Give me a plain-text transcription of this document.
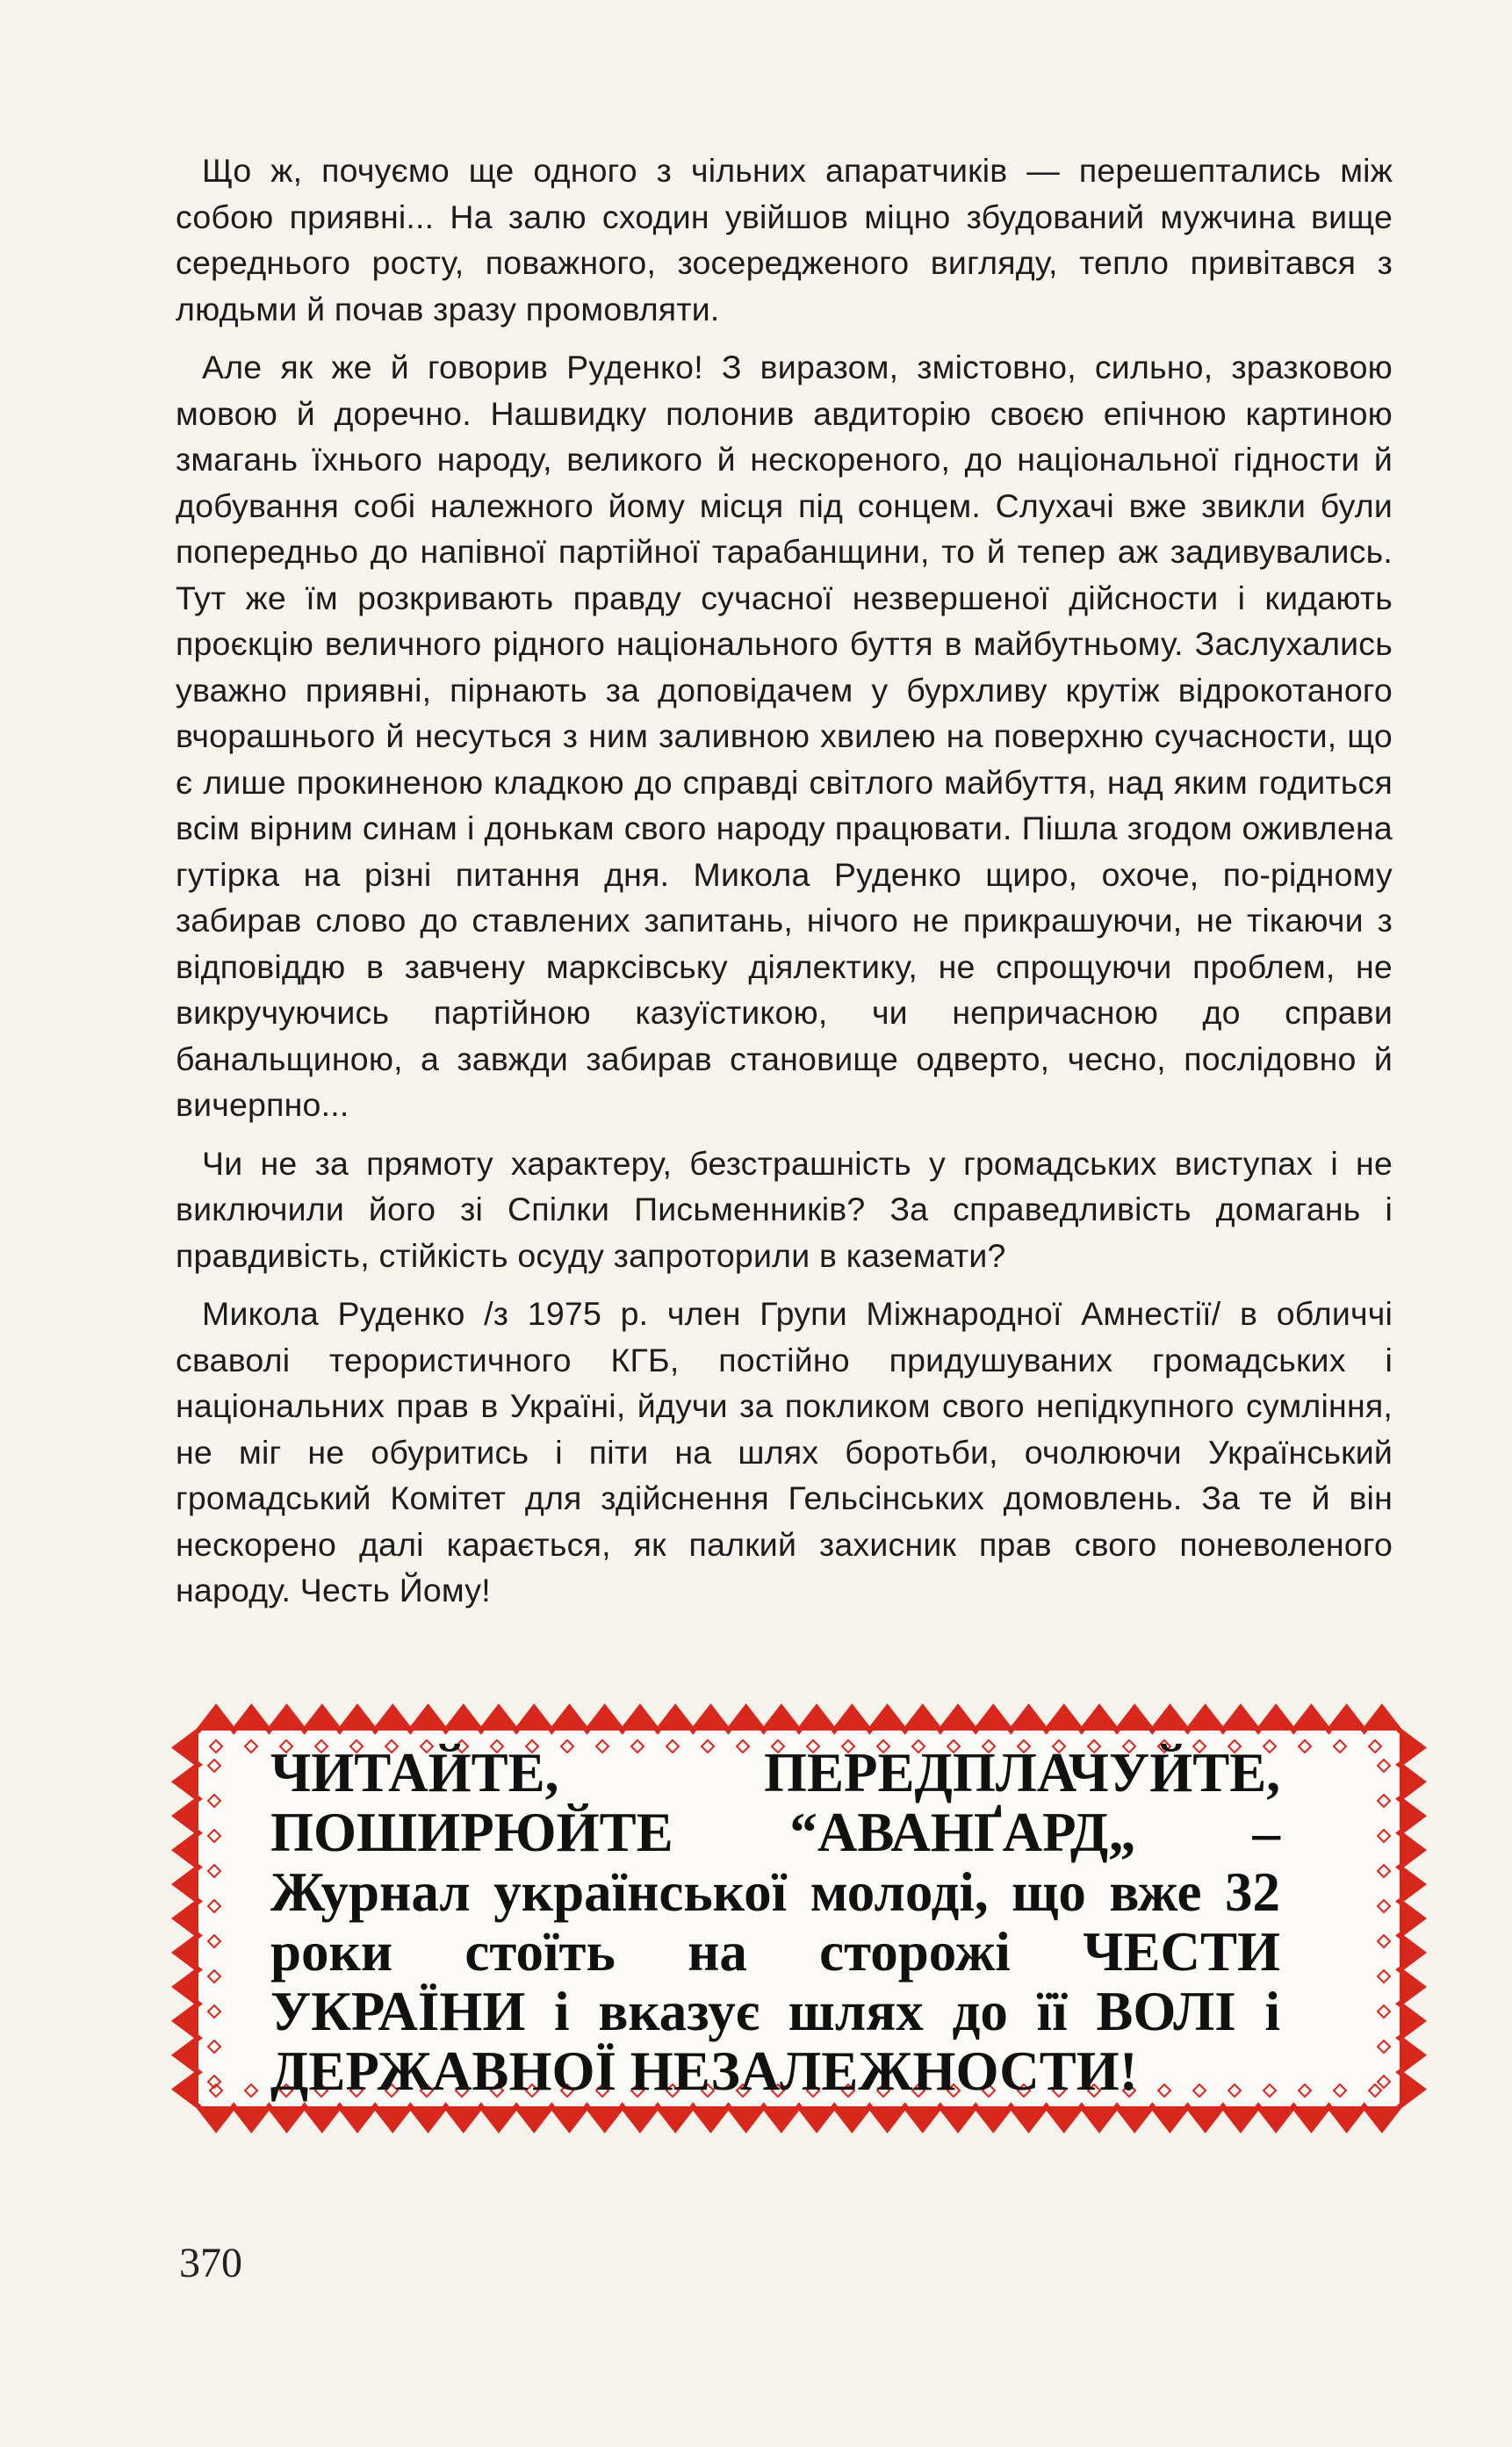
Що ж, почуємо ще одного з чільних апаратчиків — перешептались між собою приявні... На залю сходин увійшов міцно збудований мужчина вище середнього росту, поважного, зосередженого вигляду, тепло привітався з людьми й почав зразу промовляти.

Але як же й говорив Руденко! З виразом, змістовно, сильно, зразковою мовою й доречно. Нашвидку полонив авдиторію своєю епічною картиною змагань їхнього народу, великого й нескореного, до національної гідности й добування собі належного йому місця під сонцем. Слухачі вже звикли були попередньо до напівної партійної тарабанщини, то й тепер аж задивувались. Тут же їм розкривають правду сучасної незвершеної дійсности і кидають проєкцію величного рідного національного буття в майбутньому. Заслухались уважно приявні, пірнають за доповідачем у бурхливу крутіж відрокотаного вчорашнього й несуться з ним заливною хвилею на поверхню сучасности, що є лише прокиненою кладкою до справді світлого майбуття, над яким годиться всім вірним синам і донькам свого народу працювати. Пішла згодом оживлена гутірка на різні питання дня. Микола Руденко щиро, охоче, по-рідному забирав слово до ставлених запитань, нічого не прикрашуючи, не тікаючи з відповіддю в завчену марксівську діялектику, не спрощуючи проблем, не викручуючись партійною казуїстикою, чи непричасною до справи банальщиною, а завжди забирав становище одверто, чесно, послідовно й вичерпно...

Чи не за прямоту характеру, безстрашність у громадських виступах і не виключили його зі Спілки Письменників? За справедливість домагань і правдивість, стійкість осуду запроторили в каземати?

Микола Руденко /з 1975 р. член Групи Міжнародної Амнестії/ в обличчі сваволі терористичного КГБ, постійно придушуваних громадських і національних прав в Україні, йдучи за покликом свого непідкупного сумління, не міг не обуритись і піти на шлях боротьби, очолюючи Український громадський Комітет для здійснення Гельсінських домовлень. За те й він нескорено далі карається, як палкий захисник прав свого поневоленого народу. Честь Йому!

ЧИТАЙТЕ, ПЕРЕДПЛАЧУЙТЕ, ПОШИРЮЙТЕ “АВАНҐАРД„ – Журнал української молоді, що вже 32 роки стоїть на сторожі ЧЕСТИ УКРАЇНИ і вказує шлях до її ВОЛІ і ДЕРЖАВНОЇ НЕЗАЛЕЖНОСТИ!
370
